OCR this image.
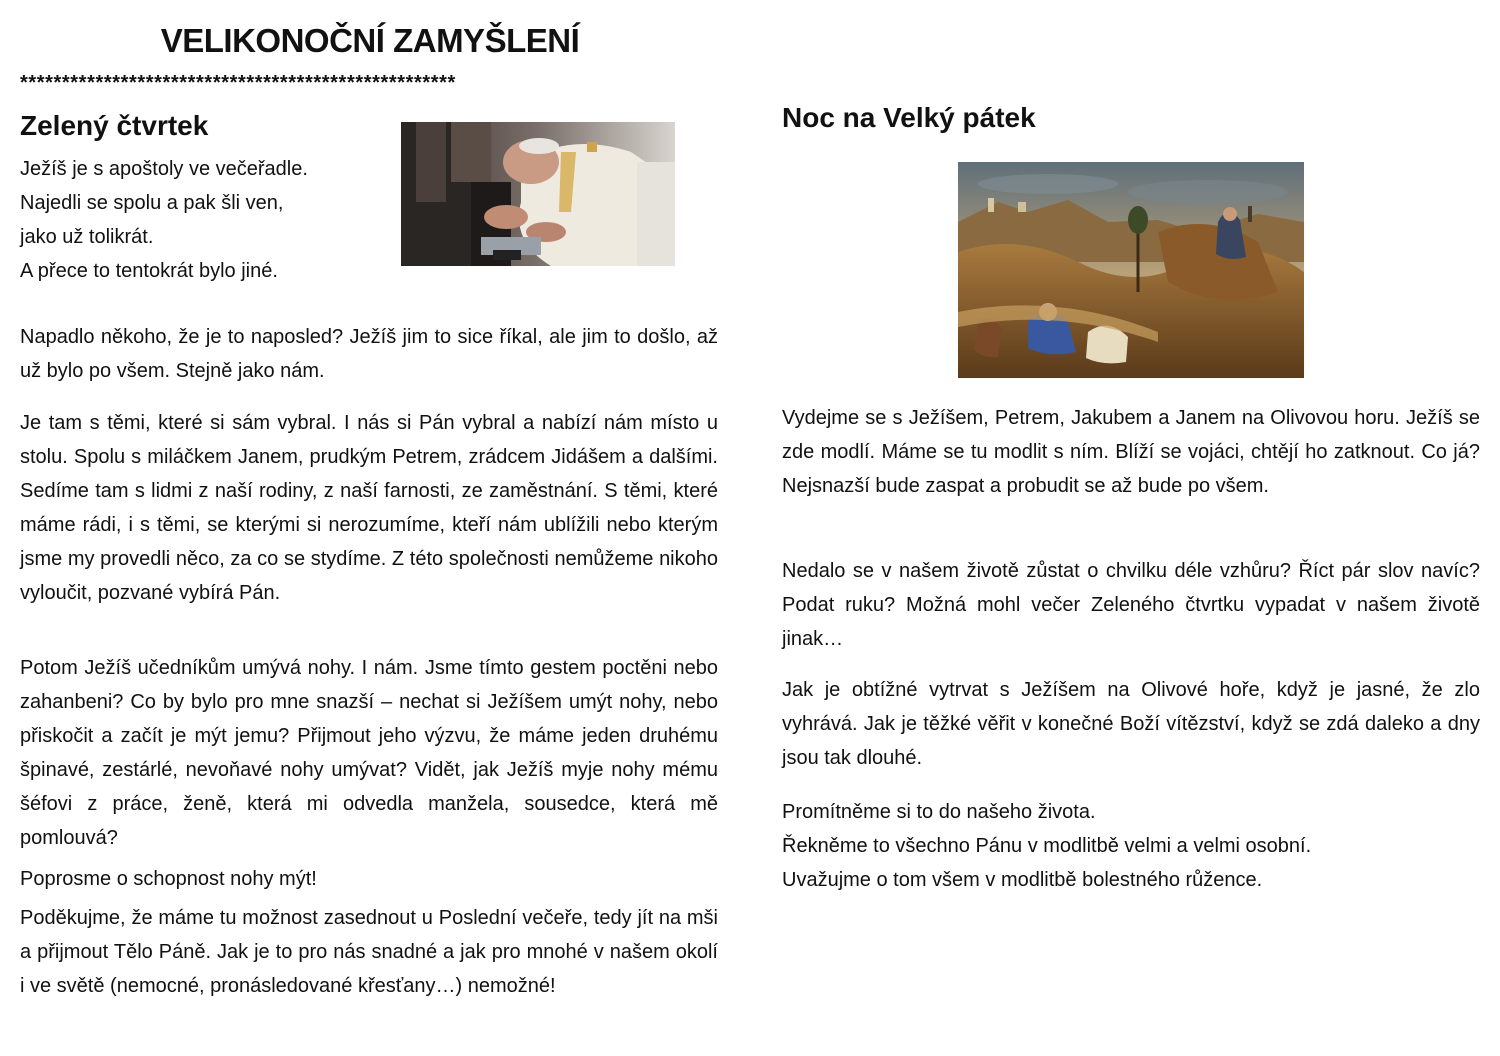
VELIKONOČNÍ ZAMYŠLENÍ
****************************************************
Zelený čtvrtek
Ježíš je s apoštoly ve večeřadle.
Najedli se spolu a pak šli ven,
jako už tolikrát.
A přece to tentokrát bylo jiné.

Napadlo někoho, že je to naposled? Ježíš jim to sice říkal, ale jim to došlo, až už bylo po všem. Stejně jako nám.

Je tam s těmi, které si sám vybral. I nás si Pán vybral a nabízí nám místo u stolu. Spolu s miláčkem Janem, prudkým Petrem, zrádcem Jidášem a dalšími. Sedíme tam s lidmi z naší rodiny, z naší farnosti, ze zaměstnání. S těmi, které máme rádi, i s těmi, se kterými si nerozumíme, kteří nám ublížili nebo kterým jsme my provedli něco, za co se stydíme. Z této společnosti nemůžeme nikoho vyloučit, pozvané vybírá Pán.

Potom Ježíš učedníkům umývá nohy. I nám. Jsme tímto gestem poctěni nebo zahanbeni? Co by bylo pro mne snazší – nechat si Ježíšem umýt nohy, nebo přiskočit a začít je mýt jemu? Přijmout jeho výzvu, že máme jeden druhému špinavé, zestárlé, nevoňavé nohy umývat? Vidět, jak Ježíš myje nohy mému šéfovi z práce, ženě, která mi odvedla manžela, sousedce, která mě pomlouvá?

Poprosme o schopnost nohy mýt!

Poděkujme, že máme tu možnost zasednout u Poslední večeře, tedy jít na mši a přijmout Tělo Páně. Jak je to pro nás snadné a jak pro mnohé v našem okolí i ve světě (nemocné, pronásledované křesťany…) nemožné!

Noc na Velký pátek

Vydejme se s Ježíšem, Petrem, Jakubem a Janem na Olivovou horu. Ježíš se zde modlí. Máme se tu modlit s ním. Blíží se vojáci, chtějí ho zatknout. Co já? Nejsnazší bude zaspat a probudit se až bude po všem.

Nedalo se v našem životě zůstat o chvilku déle vzhůru? Říct pár slov navíc? Podat ruku? Možná mohl večer Zeleného čtvrtku vypadat v našem životě jinak…

Jak je obtížné vytrvat s Ježíšem na Olivové hoře, když je jasné, že zlo vyhrává. Jak je těžké věřit v konečné Boží vítězství, když se zdá daleko a dny jsou tak dlouhé.

Promítněme si to do našeho života.
Řekněme to všechno Pánu v modlitbě velmi a velmi osobní.
Uvažujme o tom všem v modlitbě bolestného růžence.
